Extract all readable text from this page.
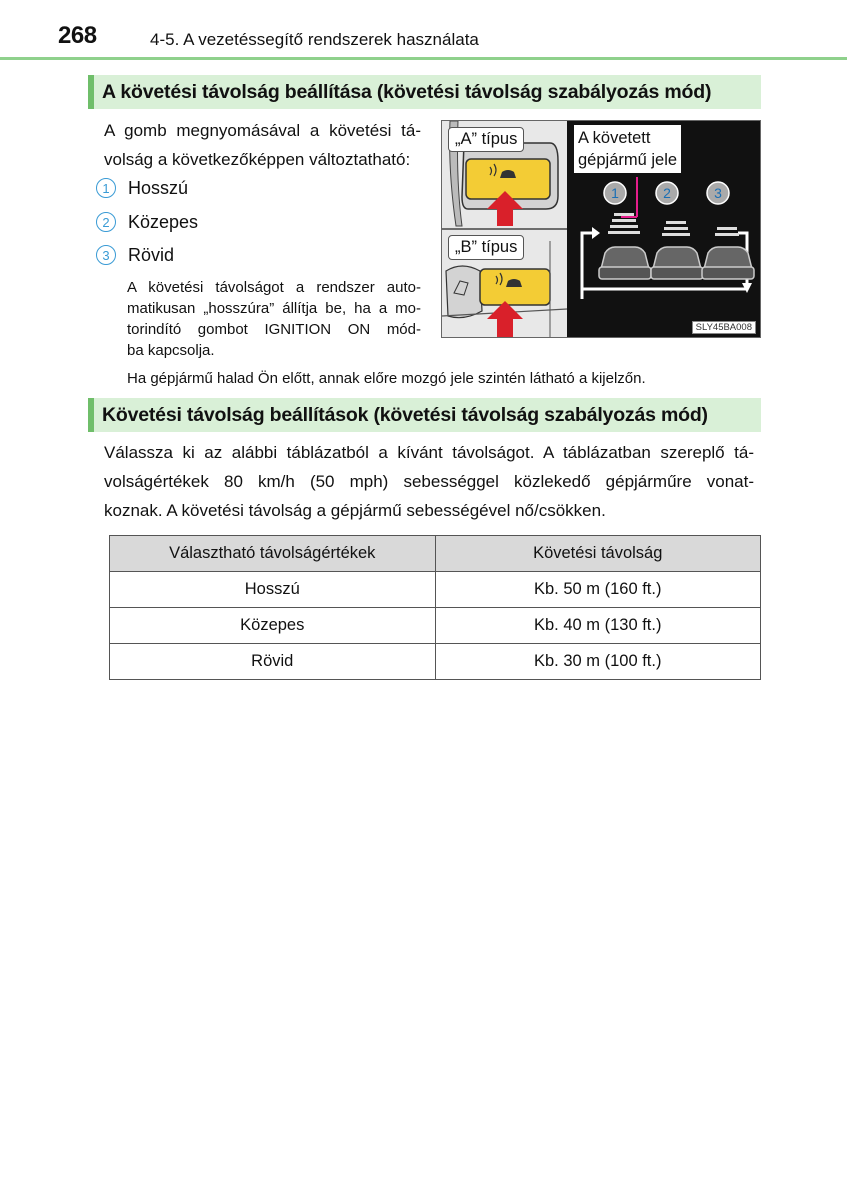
268	4-5. A vezetéssegítő rendszerek használata
A követési távolság beállítása (követési távolság szabályozás mód)
A gomb megnyomásával a követési tá-
volság a következőképpen változtatható:
1	Hosszú
2	Közepes
3	Rövid
A követési távolságot a rendszer auto-
matikusan „hosszúra” állítja be, ha a mo-
torindító gombot IGNITION ON mód-
ba kapcsolja.
Ha gépjármű halad Ön előtt, annak előre mozgó jele szintén látható a kijelzőn.
1	2	3
„A” típus
„B” típus
A követett
gépjármű jele
SLY45BA008
Követési távolság beállítások (követési távolság szabályozás mód)
Válassza ki az alábbi táblázatból a kívánt távolságot. A táblázatban szereplő tá-
volságértékek 80 km/h (50 mph) sebességgel közlekedő gépjárműre vonat-
koznak. A követési távolság a gépjármű sebességével nő/csökken.
Választható távolságértékek	Követési távolság
Hosszú	Kb. 50 m (160 ft.)
Közepes	Kb. 40 m (130 ft.)
Rövid	Kb. 30 m (100 ft.)
